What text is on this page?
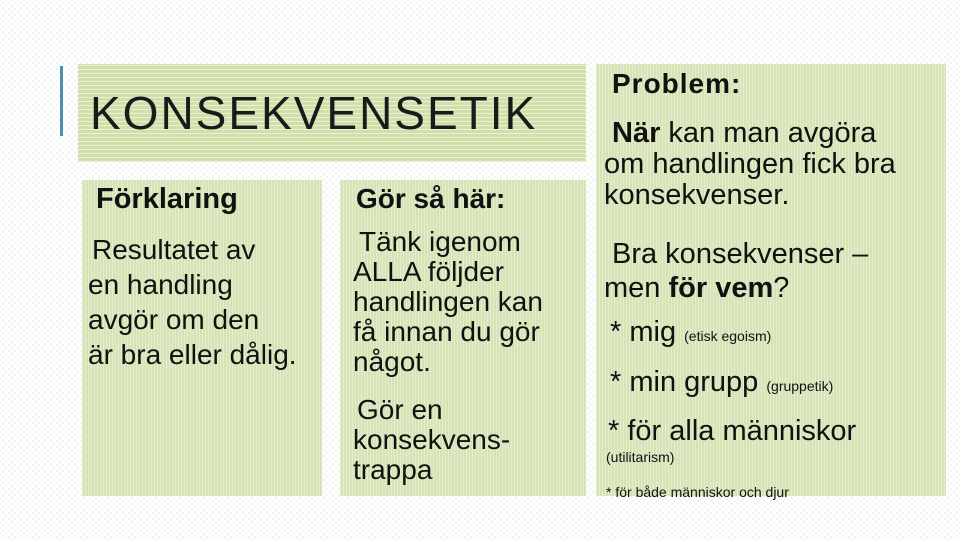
KONSEKVENSETIK
Förklaring
Resultatet av
en handling
avgör om den
är bra eller dålig.
Gör så här:
Tänk igenom
ALLA följder
handlingen kan
få innan du gör
något.
Gör en
konsekvens-
trappa
Problem:
När kan man avgöra
om handlingen fick bra
konsekvenser.
Bra konsekvenser –
men för vem?
* mig (etisk egoism)
* min grupp (gruppetik)
* för alla människor
(utilitarism)
* för både människor och djur
